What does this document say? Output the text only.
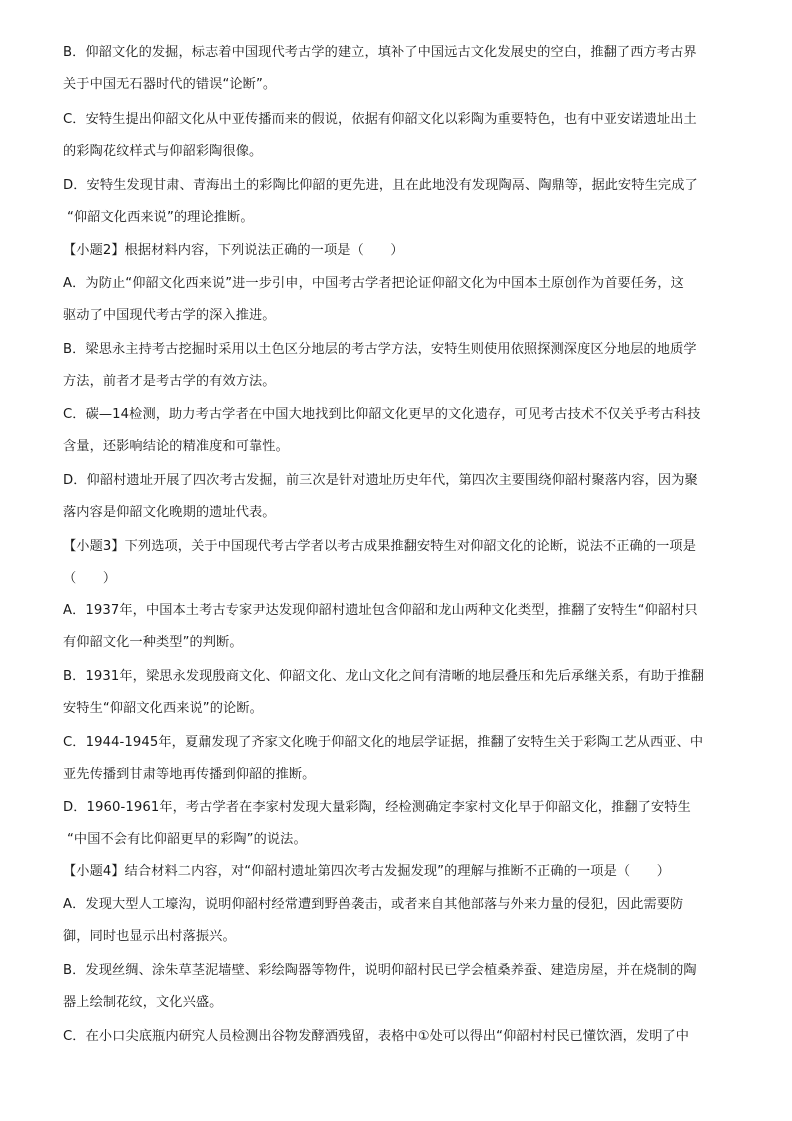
B．仰韶文化的发掘，标志着中国现代考古学的建立，填补了中国远古文化发展史的空白，推翻了西方考古界
关于中国无石器时代的错误“论断”。
C．安特生提出仰韶文化从中亚传播而来的假说，依据有仰韶文化以彩陶为重要特色，也有中亚安诺遗址出土
的彩陶花纹样式与仰韶彩陶很像。
D．安特生发现甘肃、青海出土的彩陶比仰韶的更先进，且在此地没有发现陶鬲、陶鼎等，据此安特生完成了
“仰韶文化西来说”的理论推断。
【小题2】根据材料内容，下列说法正确的一项是（　　）
A．为防止“仰韶文化西来说”进一步引申，中国考古学者把论证仰韶文化为中国本土原创作为首要任务，这
驱动了中国现代考古学的深入推进。
B．梁思永主持考古挖掘时采用以土色区分地层的考古学方法，安特生则使用依照探测深度区分地层的地质学
方法，前者才是考古学的有效方法。
C．碳—14检测，助力考古学者在中国大地找到比仰韶文化更早的文化遗存，可见考古技术不仅关乎考古科技
含量，还影响结论的精准度和可靠性。
D．仰韶村遗址开展了四次考古发掘，前三次是针对遗址历史年代，第四次主要围绕仰韶村聚落内容，因为聚
落内容是仰韶文化晚期的遗址代表。
【小题3】下列选项，关于中国现代考古学者以考古成果推翻安特生对仰韶文化的论断，说法不正确的一项是
（　　）
A．1937年，中国本土考古专家尹达发现仰韶村遗址包含仰韶和龙山两种文化类型，推翻了安特生“仰韶村只
有仰韶文化一种类型”的判断。
B．1931年，梁思永发现殷商文化、仰韶文化、龙山文化之间有清晰的地层叠压和先后承继关系，有助于推翻
安特生“仰韶文化西来说”的论断。
C．1944-1945年，夏鼐发现了齐家文化晚于仰韶文化的地层学证据，推翻了安特生关于彩陶工艺从西亚、中
亚先传播到甘肃等地再传播到仰韶的推断。
D．1960-1961年，考古学者在李家村发现大量彩陶，经检测确定李家村文化早于仰韶文化，推翻了安特生
“中国不会有比仰韶更早的彩陶”的说法。
【小题4】结合材料二内容，对“仰韶村遗址第四次考古发掘发现”的理解与推断不正确的一项是（　　）
A．发现大型人工壕沟，说明仰韶村经常遭到野兽袭击，或者来自其他部落与外来力量的侵犯，因此需要防
御，同时也显示出村落振兴。
B．发现丝绸、涂朱草茎泥墙壁、彩绘陶器等物件，说明仰韶村民已学会植桑养蚕、建造房屋，并在烧制的陶
器上绘制花纹，文化兴盛。
C．在小口尖底瓶内研究人员检测出谷物发酵酒残留，表格中①处可以得出“仰韶村村民已懂饮酒，发明了中
